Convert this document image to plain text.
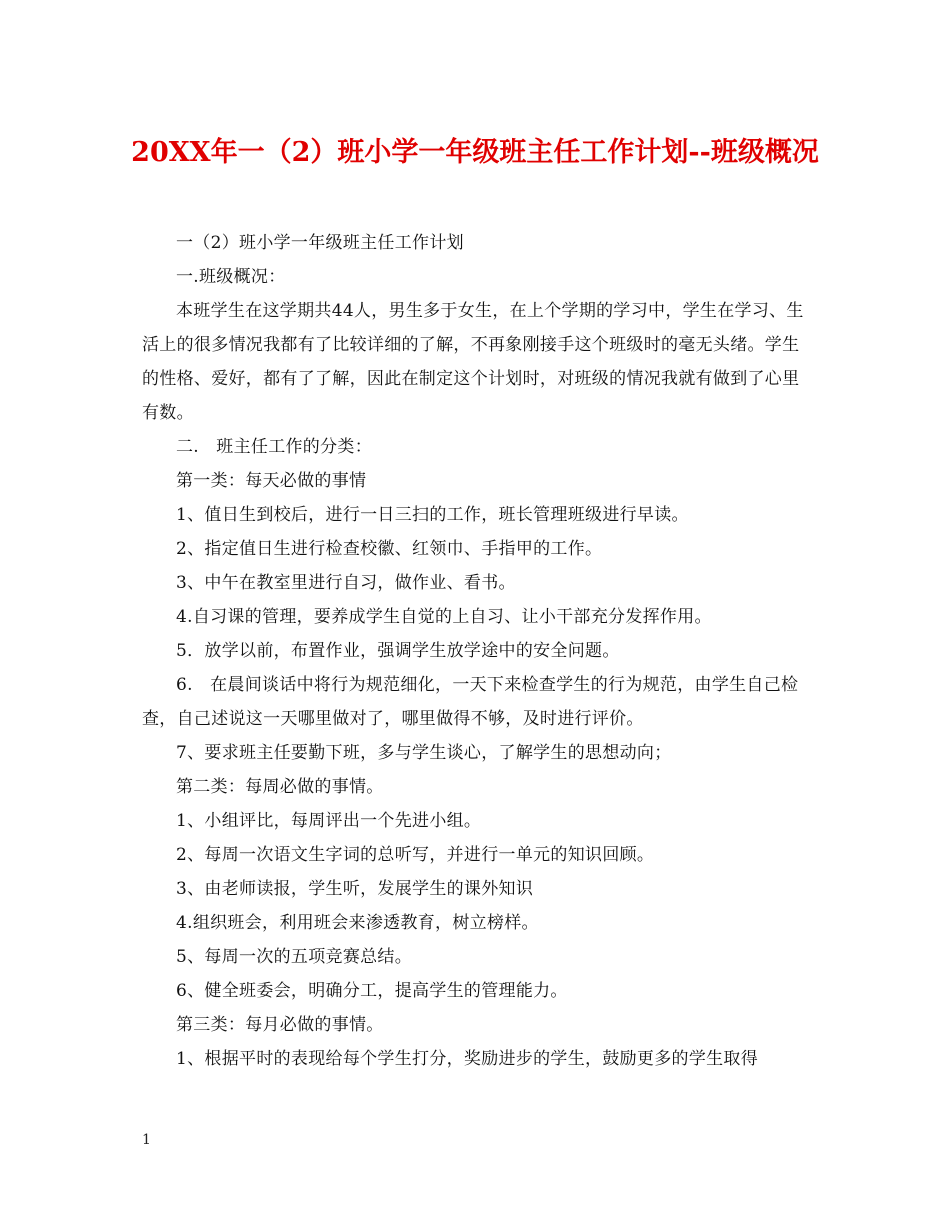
20XX年一（2）班小学一年级班主任工作计划--班级概况

一（2）班小学一年级班主任工作计划

一.班级概况：

本班学生在这学期共44人，男生多于女生，在上个学期的学习中，学生在学习、生活上的很多情况我都有了比较详细的了解，不再象刚接手这个班级时的毫无头绪。学生的性格、爱好，都有了了解，因此在制定这个计划时，对班级的情况我就有做到了心里有数。

二.　班主任工作的分类：

第一类：每天必做的事情

1、值日生到校后，进行一日三扫的工作，班长管理班级进行早读。

2、指定值日生进行检查校徽、红领巾、手指甲的工作。

3、中午在教室里进行自习，做作业、看书。

4.自习课的管理，要养成学生自觉的上自习、让小干部充分发挥作用。

5．放学以前，布置作业，强调学生放学途中的安全问题。

6.　在晨间谈话中将行为规范细化，一天下来检查学生的行为规范，由学生自己检查，自己述说这一天哪里做对了，哪里做得不够，及时进行评价。

7、要求班主任要勤下班，多与学生谈心，了解学生的思想动向；

第二类：每周必做的事情。

1、小组评比，每周评出一个先进小组。

2、每周一次语文生字词的总听写，并进行一单元的知识回顾。

3、由老师读报，学生听，发展学生的课外知识

4.组织班会，利用班会来渗透教育，树立榜样。

5、每周一次的五项竞赛总结。

6、健全班委会，明确分工，提高学生的管理能力。

第三类：每月必做的事情。

1、根据平时的表现给每个学生打分，奖励进步的学生，鼓励更多的学生取得

1
